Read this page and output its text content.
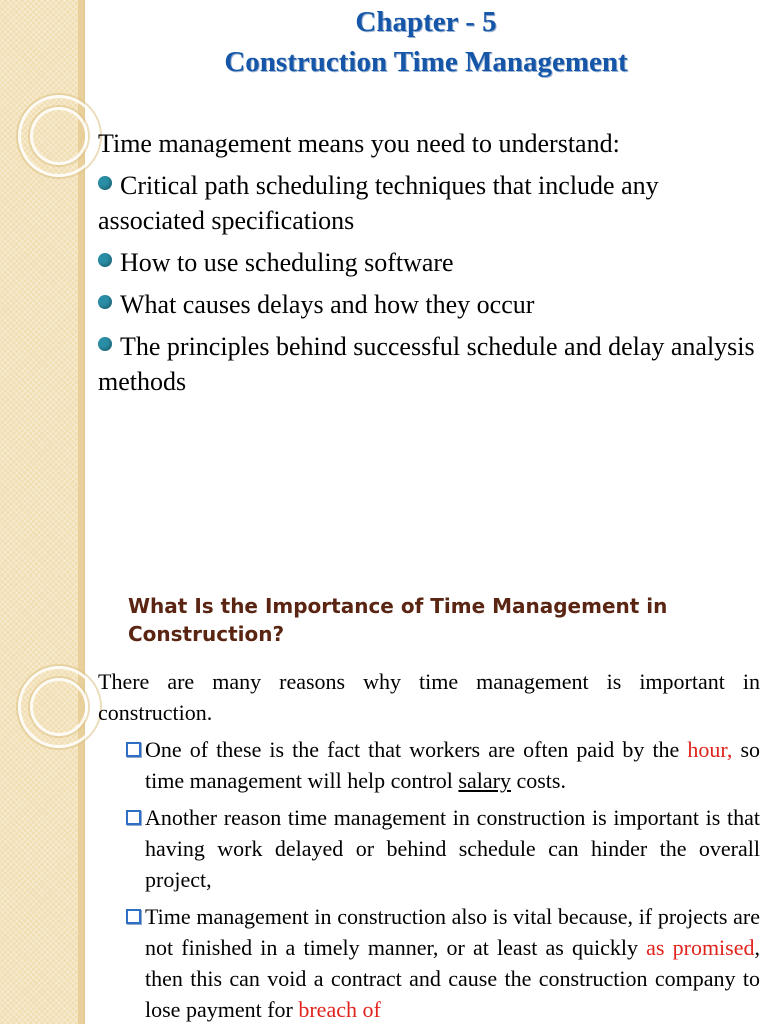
Chapter - 5
Construction Time Management
Time management means you need to understand:
Critical path scheduling techniques that include any associated specifications
How to use scheduling software
What causes delays and how they occur
The principles behind successful schedule and delay analysis methods
What Is the Importance of Time Management in Construction?
There are many reasons why time management is important in construction.
One of these is the fact that workers are often paid by the hour, so time management will help control salary costs.
Another reason time management in construction is important is that having work delayed or behind schedule can hinder the overall project,
Time management in construction also is vital because, if projects are not finished in a timely manner, or at least as quickly as promised, then this can void a contract and cause the construction company to lose payment for breach of
